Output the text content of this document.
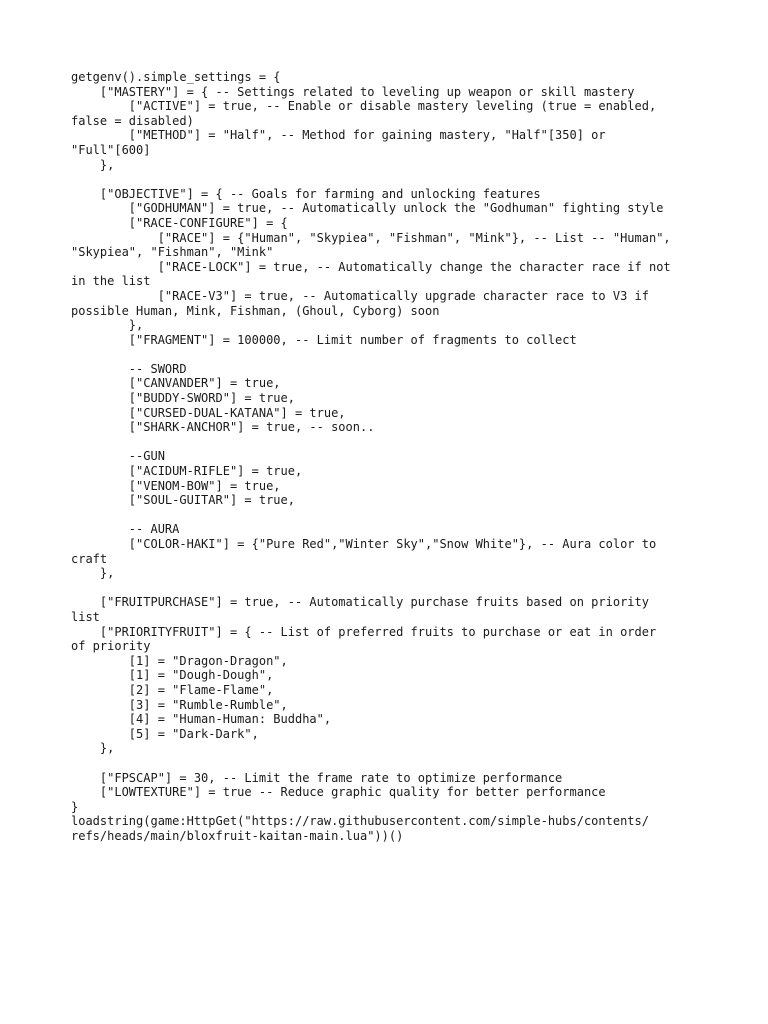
getgenv().simple_settings = {
["MASTERY"] = { -- Settings related to leveling up weapon or skill mastery
["ACTIVE"] = true, -- Enable or disable mastery leveling (true = enabled,
false = disabled)
["METHOD"] = "Half", -- Method for gaining mastery, "Half"[350] or
"Full"[600]
},
["OBJECTIVE"] = { -- Goals for farming and unlocking features
["GODHUMAN"] = true, -- Automatically unlock the "Godhuman" fighting style
["RACE-CONFIGURE"] = {
["RACE"] = {"Human", "Skypiea", "Fishman", "Mink"}, -- List -- "Human",
"Skypiea", "Fishman", "Mink"
["RACE-LOCK"] = true, -- Automatically change the character race if not
in the list
["RACE-V3"] = true, -- Automatically upgrade character race to V3 if
possible Human, Mink, Fishman, (Ghoul, Cyborg) soon
},
["FRAGMENT"] = 100000, -- Limit number of fragments to collect
-- SWORD
["CANVANDER"] = true,
["BUDDY-SWORD"] = true,
["CURSED-DUAL-KATANA"] = true,
["SHARK-ANCHOR"] = true, -- soon..
--GUN
["ACIDUM-RIFLE"] = true,
["VENOM-BOW"] = true,
["SOUL-GUITAR"] = true,
-- AURA
["COLOR-HAKI"] = {"Pure Red","Winter Sky","Snow White"}, -- Aura color to
craft
},
["FRUITPURCHASE"] = true, -- Automatically purchase fruits based on priority
list
["PRIORITYFRUIT"] = { -- List of preferred fruits to purchase or eat in order
of priority
[1] = "Dragon-Dragon",
[1] = "Dough-Dough",
[2] = "Flame-Flame",
[3] = "Rumble-Rumble",
[4] = "Human-Human: Buddha",
[5] = "Dark-Dark",
},
["FPSCAP"] = 30, -- Limit the frame rate to optimize performance
["LOWTEXTURE"] = true -- Reduce graphic quality for better performance
}
loadstring(game:HttpGet("https://raw.githubusercontent.com/simple-hubs/contents/
refs/heads/main/bloxfruit-kaitan-main.lua"))()
